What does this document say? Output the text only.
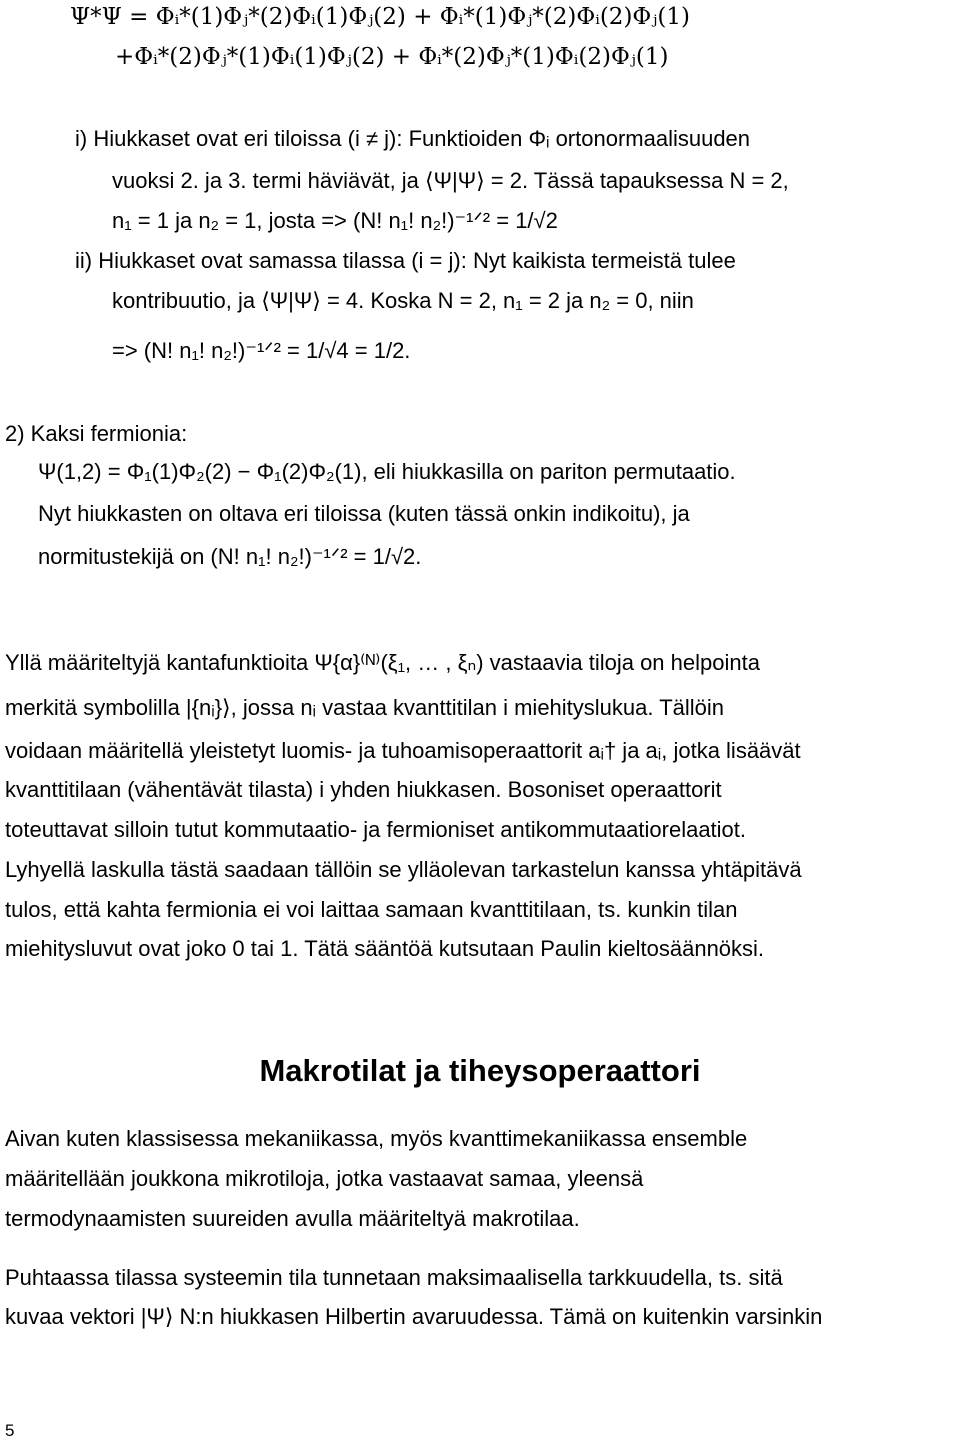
Ψ*Ψ = Φᵢ*(1)Φⱼ*(2)Φᵢ(1)Φⱼ(2) + Φᵢ*(1)Φⱼ*(2)Φᵢ(2)Φⱼ(1)
+Φᵢ*(2)Φⱼ*(1)Φᵢ(1)Φⱼ(2) + Φᵢ*(2)Φⱼ*(1)Φᵢ(2)Φⱼ(1)
i) Hiukkaset ovat eri tiloissa (i ≠ j): Funktioiden Φᵢ ortonormaalisuuden
vuoksi 2. ja 3. termi häviävät, ja ⟨Ψ|Ψ⟩ = 2. Tässä tapauksessa N = 2,
n₁ = 1 ja n₂ = 1, josta => (N! n₁! n₂!)⁻¹ᐟ² = 1/√2
ii) Hiukkaset ovat samassa tilassa (i = j): Nyt kaikista termeistä tulee
kontribuutio, ja ⟨Ψ|Ψ⟩ = 4. Koska N = 2, n₁ = 2 ja n₂ = 0, niin
=> (N! n₁! n₂!)⁻¹ᐟ² = 1/√4 = 1/2.
2) Kaksi fermionia:
Ψ(1,2) = Φ₁(1)Φ₂(2) − Φ₁(2)Φ₂(1), eli hiukkasilla on pariton permutaatio.
Nyt hiukkasten on oltava eri tiloissa (kuten tässä onkin indikoitu), ja
normitustekijä on (N! n₁! n₂!)⁻¹ᐟ² = 1/√2.
Yllä määriteltyjä kantafunktioita Ψ{α}⁽ᴺ⁾(ξ₁, … , ξₙ) vastaavia tiloja on helpointa
merkitä symbolilla |{nᵢ}⟩, jossa nᵢ vastaa kvanttitilan i miehityslukua. Tällöin
voidaan määritellä yleistetyt luomis- ja tuhoamisoperaattorit aᵢ† ja aᵢ, jotka lisäävät
kvanttitilaan (vähentävät tilasta) i yhden hiukkasen. Bosoniset operaattorit
toteuttavat silloin tutut kommutaatio- ja fermioniset antikommutaatiorelaatiot.
Lyhyellä laskulla tästä saadaan tällöin se ylläolevan tarkastelun kanssa yhtäpitävä
tulos, että kahta fermionia ei voi laittaa samaan kvanttitilaan, ts. kunkin tilan
miehitysluvut ovat joko 0 tai 1. Tätä sääntöä kutsutaan Paulin kieltosäännöksi.
Makrotilat ja tiheysoperaattori
Aivan kuten klassisessa mekaniikassa, myös kvanttimekaniikassa ensemble
määritellään joukkona mikrotiloja, jotka vastaavat samaa, yleensä
termodynaamisten suureiden avulla määriteltyä makrotilaa.
Puhtaassa tilassa systeemin tila tunnetaan maksimaalisella tarkkuudella, ts. sitä
kuvaa vektori |Ψ⟩ N:n hiukkasen Hilbertin avaruudessa. Tämä on kuitenkin varsinkin
5
